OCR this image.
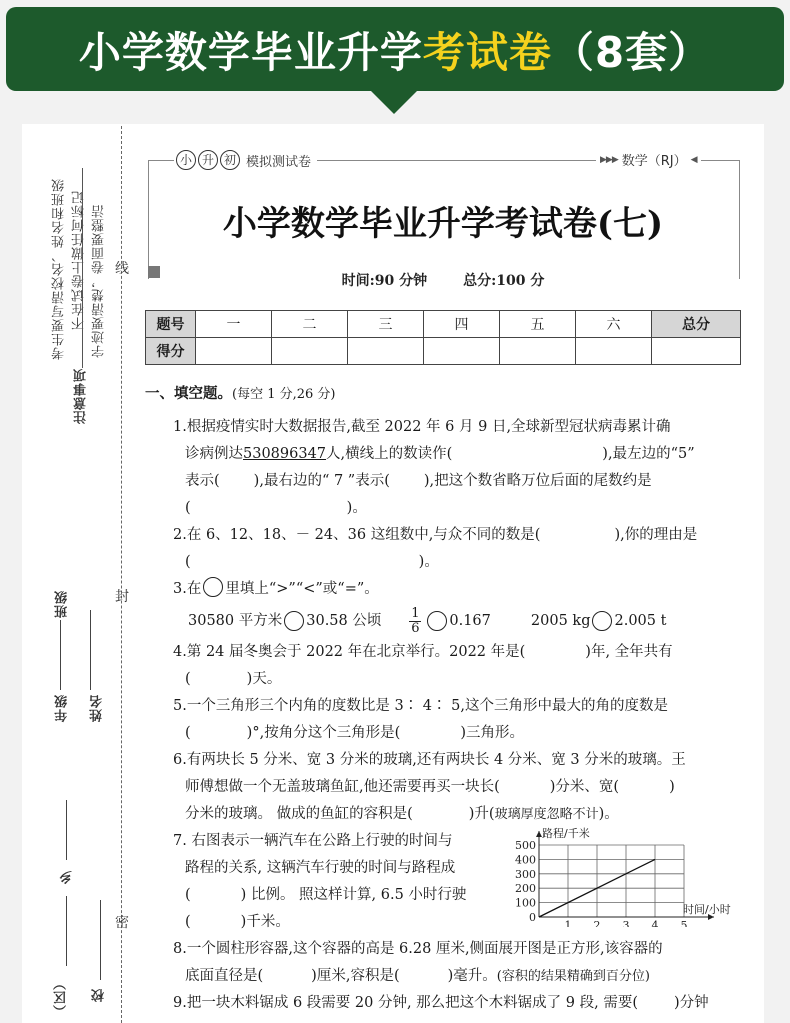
小学数学毕业升学考试卷（8套）
考生要写清校名、姓名和班级 不在试卷上做任何标记 字迹要清楚，卷面要整洁
注意事项
线
封
密
班级
年级 姓名
乡
（区） 校
小 升 初 模拟测试卷	▶▶▶ 数学（RJ） ◀
小学数学毕业升学考试卷(七)
时间:90 分钟	总分:100 分
题号	一	二	三	四	五	六	总分
得分							
一、填空题。(每空 1 分,26 分)
1.根据疫情实时大数据报告,截至 2022 年 6 月 9 日,全球新型冠状病毒累计确
诊病例达530896347人,横线上的数读作(	),最左边的“5”
表示( ),最右边的“ 7 ”表示( ),把这个数省略万位后面的尾数约是
(	)。
2.在 6、12、18、－ 24、36 这组数中,与众不同的数是(	),你的理由是
(	)。
3.在 里填上“>”“<”或“=”。
30580 平方米 30.58 公顷 $\frac{1}{6} 0.167$	2005 kg 2.005 t
4.第 24 届冬奥会于 2022 年在北京举行。2022 年是(	)年, 全年共有
(	)天。
5.一个三角形三个内角的度数比是 3∶ 4∶ 5,这个三角形中最大的角的度数是
(	)°,按角分这个三角形是(	)三角形。
6.有两块长 5 分米、宽 3 分米的玻璃,还有两块长 4 分米、宽 3 分米的玻璃。王
师傅想做一个无盖玻璃鱼缸,他还需要再买一块长(	)分米、宽(	)
分米的玻璃。 做成的鱼缸的容积是(	)升(玻璃厚度忽略不计)。
7. 右图表示一辆汽车在公路上行驶的时间与
路程的关系, 这辆汽车行驶的时间与路程成
(	) 比例。 照这样计算, 6.5 小时行驶
(	)千米。
8.一个圆柱形容器,这个容器的高是 6.28 厘米,侧面展开图是正方形,该容器的
底面直径是(	)厘米,容积是(	)毫升。(容积的结果精确到百分位)
9.把一块木料锯成 6 段需要 20 分钟, 那么把这个木料锯成了 9 段, 需要( )分钟
0
100
200
300
400
500
1 2 3 4 5
路程/千米
时间/小时
